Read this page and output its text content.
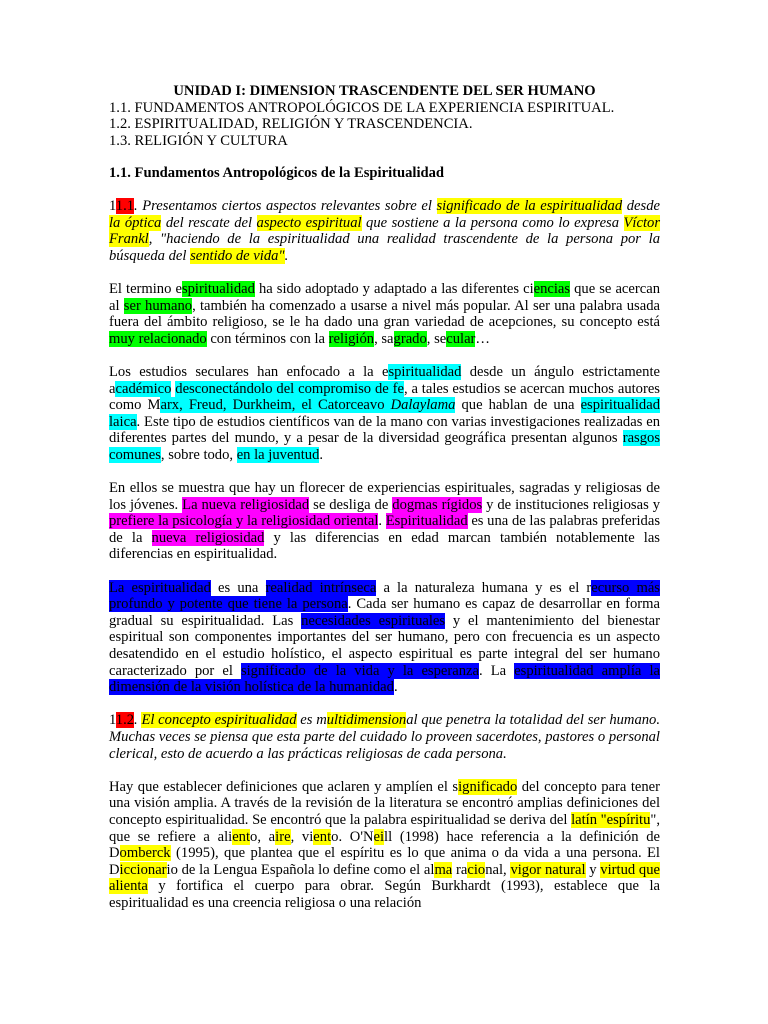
UNIDAD I: DIMENSION TRASCENDENTE DEL SER HUMANO

1.1. FUNDAMENTOS ANTROPOLÓGICOS DE LA EXPERIENCIA ESPIRITUAL.

1.2. ESPIRITUALIDAD, RELIGIÓN Y TRASCENDENCIA.

1.3. RELIGIÓN Y CULTURA

1.1. Fundamentos Antropológicos de la Espiritualidad

11.1. Presentamos ciertos aspectos relevantes sobre el significado de la espiritualidad desde la óptica del rescate del aspecto espiritual que sostiene a la persona como lo expresa Víctor Frankl, "haciendo de la espiritualidad una realidad trascendente de la persona por la búsqueda del sentido de vida".

El termino espiritualidad ha sido adoptado y adaptado a las diferentes ciencias que se acercan al ser humano, también ha comenzado a usarse a nivel más popular. Al ser una palabra usada fuera del ámbito religioso, se le ha dado una gran variedad de acepciones, su concepto está muy relacionado con términos con la religión, sagrado, secular…

Los estudios seculares han enfocado a la espiritualidad desde un ángulo estrictamente académico desconectándolo del compromiso de fe, a tales estudios se acercan muchos autores como Marx, Freud, Durkheim, el Catorceavo Dalaylama que hablan de una espiritualidad laica. Este tipo de estudios científicos van de la mano con varias investigaciones realizadas en diferentes partes del mundo, y a pesar de la diversidad geográfica presentan algunos rasgos comunes, sobre todo, en la juventud.

En ellos se muestra que hay un florecer de experiencias espirituales, sagradas y religiosas de los jóvenes. La nueva religiosidad se desliga de dogmas rígidos y de instituciones religiosas y prefiere la psicología y la religiosidad oriental. Espiritualidad es una de las palabras preferidas de la nueva religiosidad y las diferencias en edad marcan también notablemente las diferencias en espiritualidad.

La espiritualidad es una realidad intrínseca a la naturaleza humana y es el recurso más profundo y potente que tiene la persona. Cada ser humano es capaz de desarrollar en forma gradual su espiritualidad. Las necesidades espirituales y el mantenimiento del bienestar espiritual son componentes importantes del ser humano, pero con frecuencia es un aspecto desatendido en el estudio holístico, el aspecto espiritual es parte integral del ser humano caracterizado por el significado de la vida y la esperanza. La espiritualidad amplía la dimensión de la visión holística de la humanidad.

11.2. El concepto espiritualidad es multidimensional que penetra la totalidad del ser humano. Muchas veces se piensa que esta parte del cuidado lo proveen sacerdotes, pastores o personal clerical, esto de acuerdo a las prácticas religiosas de cada persona.

Hay que establecer definiciones que aclaren y amplíen el significado del concepto para tener una visión amplia. A través de la revisión de la literatura se encontró amplias definiciones del concepto espiritualidad. Se encontró que la palabra espiritualidad se deriva del latín "espíritu", que se refiere a aliento, aire, viento. O'Neill (1998) hace referencia a la definición de Domberck (1995), que plantea que el espíritu es lo que anima o da vida a una persona. El Diccionario de la Lengua Española lo define como el alma racional, vigor natural y virtud que alienta y fortifica el cuerpo para obrar. Según Burkhardt (1993), establece que la espiritualidad es una creencia religiosa o una relación
